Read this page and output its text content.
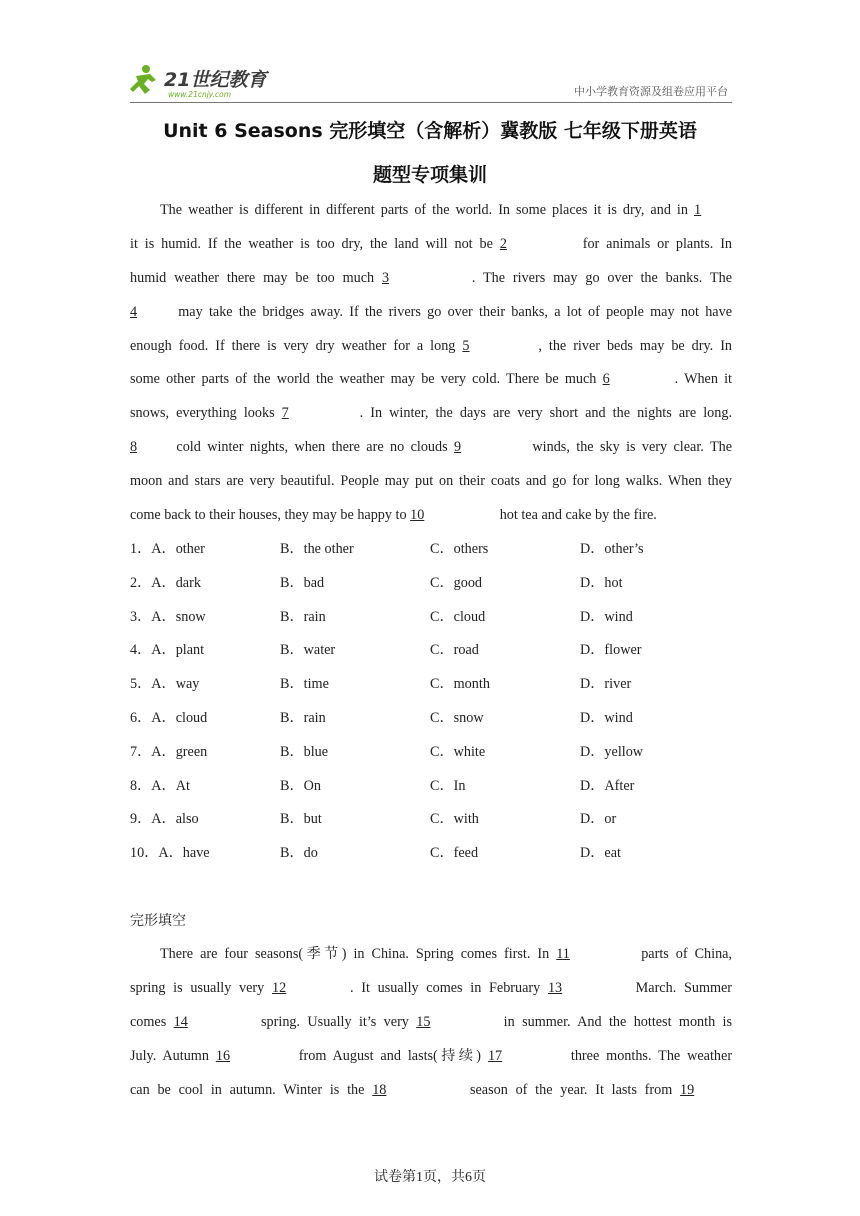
21世纪教育
www.21cnjy.com	中小学教育资源及组卷应用平台
Unit 6 Seasons 完形填空（含解析）冀教版 七年级下册英语
题型专项集训
The weather is different in different parts of the world. In some places it is dry, and in 1
it is humid. If the weather is too dry, the land will not be 2	for animals or plants. In
humid weather there may be too much 3	. The rivers may go over the banks. The
4	may take the bridges away. If the rivers go over their banks, a lot of people may not have
enough food. If there is very dry weather for a long 5	, the river beds may be dry. In
some other parts of the world the weather may be very cold. There be much 6	. When it
snows, everything looks 7	. In winter, the days are very short and the nights are long.
8	cold winter nights, when there are no clouds 9	winds, the sky is very clear. The
moon and stars are very beautiful. People may put on their coats and go for long walks. When they
come back to their houses, they may be happy to 10	hot tea and cake by the fire.
1．A．other	B．the other	C．others	D．other’s
2．A．dark	B．bad	C．good	D．hot
3．A．snow	B．rain	C．cloud	D．wind
4．A．plant	B．water	C．road	D．flower
5．A．way	B．time	C．month	D．river
6．A．cloud	B．rain	C．snow	D．wind
7．A．green	B．blue	C．white	D．yellow
8．A．At	B．On	C．In	D．After
9．A．also	B．but	C．with	D．or
10．A．have	B．do	C．feed	D．eat
完形填空
There are four seasons(季节) in China. Spring comes first. In 11	parts of China,
spring is usually very 12	. It usually comes in February 13	March. Summer
comes 14	spring. Usually it’s very 15	in summer. And the hottest month is
July. Autumn 16	from August and lasts(持续) 17	three months. The weather
can be cool in autumn. Winter is the 18	season of the year. It lasts from 19
试卷第1页，共6页
